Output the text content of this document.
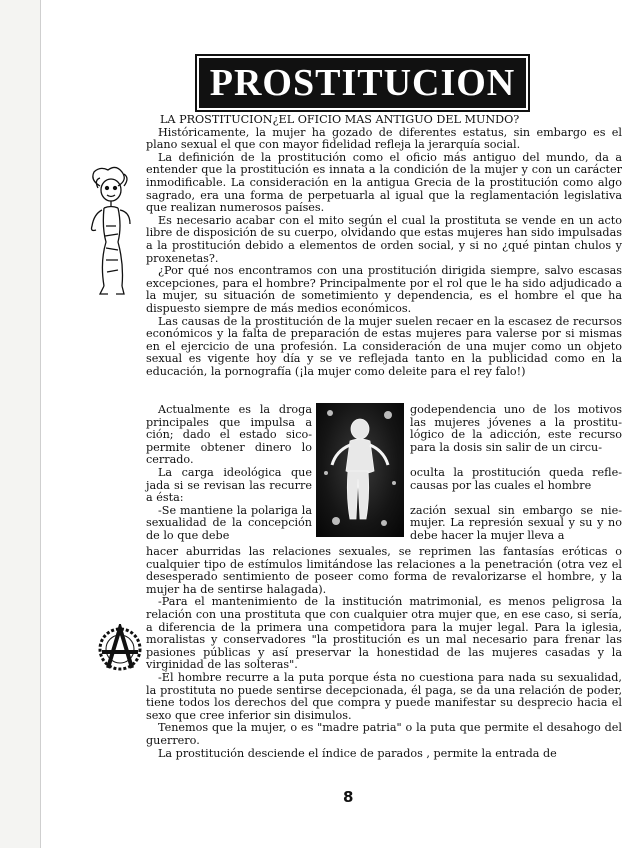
PROSTITUCION

LA PROSTITUCION¿EL OFICIO MAS ANTIGUO DEL MUNDO?

Históricamente, la mujer ha gozado de diferentes estatus, sin embargo es el plano sexual el que con mayor fidelidad refleja la jerarquía social.

La definición de la prostitución como el oficio más antiguo del mundo, da a entender que la prostitución es innata a la condición de la mujer y con un carácter inmodificable. La consideración en la antigua Grecia de la prostitución como algo sagrado, era una forma de perpetuarla al igual que la reglamentación legislativa que realizan numerosos países.

Es necesario acabar con el mito según el cual la prostituta se vende en un acto libre de disposición de su cuerpo, olvidando que estas mujeres han sido impulsadas a la prostitución debido a elementos de orden social, y si no ¿qué pintan chulos y proxenetas?.

¿Por qué nos encontramos con una prostitución dirigida siempre, salvo escasas excepciones, para el hombre? Principalmente por el rol que le ha sido adjudicado a la mujer, su situación de sometimiento y dependencia, es el hombre el que ha dispuesto siempre de más medios económicos.

Las causas de la prostitución de la mujer suelen recaer en la escasez de recursos económicos y la falta de preparación de estas mujeres para valerse por si mismas en el ejercicio de una profesión. La consideración de una mujer como un objeto sexual es vigente hoy día y se ve reflejada tanto en la publicidad como en la educación, la pornografía (¡la mujer como deleite para el rey falo!)

Actualmente es la droga principales que impulsa a ción; dado el estado sico- permite obtener dinero lo cerrado.

La carga ideológica que jada si se revisan las recurre a ésta:

-Se mantiene la polariga la sexualidad de la concepción de lo que debe

godependencia uno de los motivos las mujeres jóvenes a la prostitu- lógico de la adicción, este recurso para la dosis sin salir de un circu-

oculta la prostitución queda refle- causas por las cuales el hombre

zación sexual sin embargo se nie- mujer. La represión sexual y su y no debe hacer la mujer lleva a

hacer aburridas las relaciones sexuales, se reprimen las fantasías eróticas o cualquier tipo de estímulos limitándose las relaciones a la penetración (otra vez el desesperado sentimiento de poseer como forma de revalorizarse el hombre, y la mujer ha de sentirse halagada).

-Para el mantenimiento de la institución matrimonial, es menos peligrosa la relación con una prostituta que con cualquier otra mujer que, en ese caso, si sería, a diferencia de la primera una competidora para la mujer legal. Para la iglesia, moralistas y conservadores "la prostitución es un mal necesario para frenar las pasiones públicas y así preservar la honestidad de las mujeres casadas y la virginidad de las solteras".

-Él hombre recurre a la puta porque ésta no cuestiona para nada su sexualidad, la prostituta no puede sentirse decepcionada, él paga, se da una relación de poder, tiene todos los derechos del que compra y puede manifestar su desprecio hacia el sexo que cree inferior sin disimulos.

Tenemos que la mujer, o es "madre patria" o la puta que permite el desahogo del guerrero.

La prostitución desciende el índice de parados , permite la entrada de

8
